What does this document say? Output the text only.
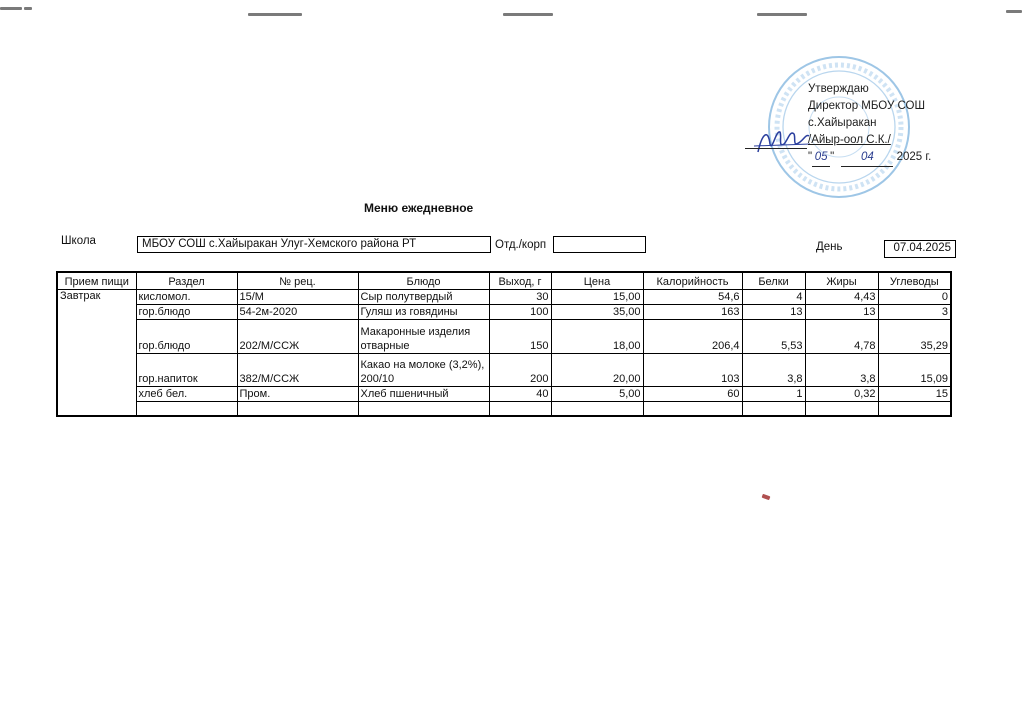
Утверждаю
Директор МБОУ СОШ
с.Хайыракан
/Айыр-оол С.К./
" 05 " 04 2025 г.
Меню ежедневное
Школа	МБОУ СОШ с.Хайыракан Улуг-Хемского района РТ	Отд./корп	День	07.04.2025
Прием пищи	Раздел	№ рец.	Блюдо	Выход, г	Цена	Калорийность	Белки	Жиры	Углеводы
Завтрак	кисломол.	15/М	Сыр полутвердый	30	15,00	54,6	4	4,43	0
	гор.блюдо	54-2м-2020	Гуляш из говядины	100	35,00	163	13	13	3
	гор.блюдо	202/М/ССЖ	Макаронные изделия отварные	150	18,00	206,4	5,53	4,78	35,29
	гор.напиток	382/М/ССЖ	Какао на молоке (3,2%), 200/10	200	20,00	103	3,8	3,8	15,09
	хлеб бел.	Пром.	Хлеб пшеничный	40	5,00	60	1	0,32	15
